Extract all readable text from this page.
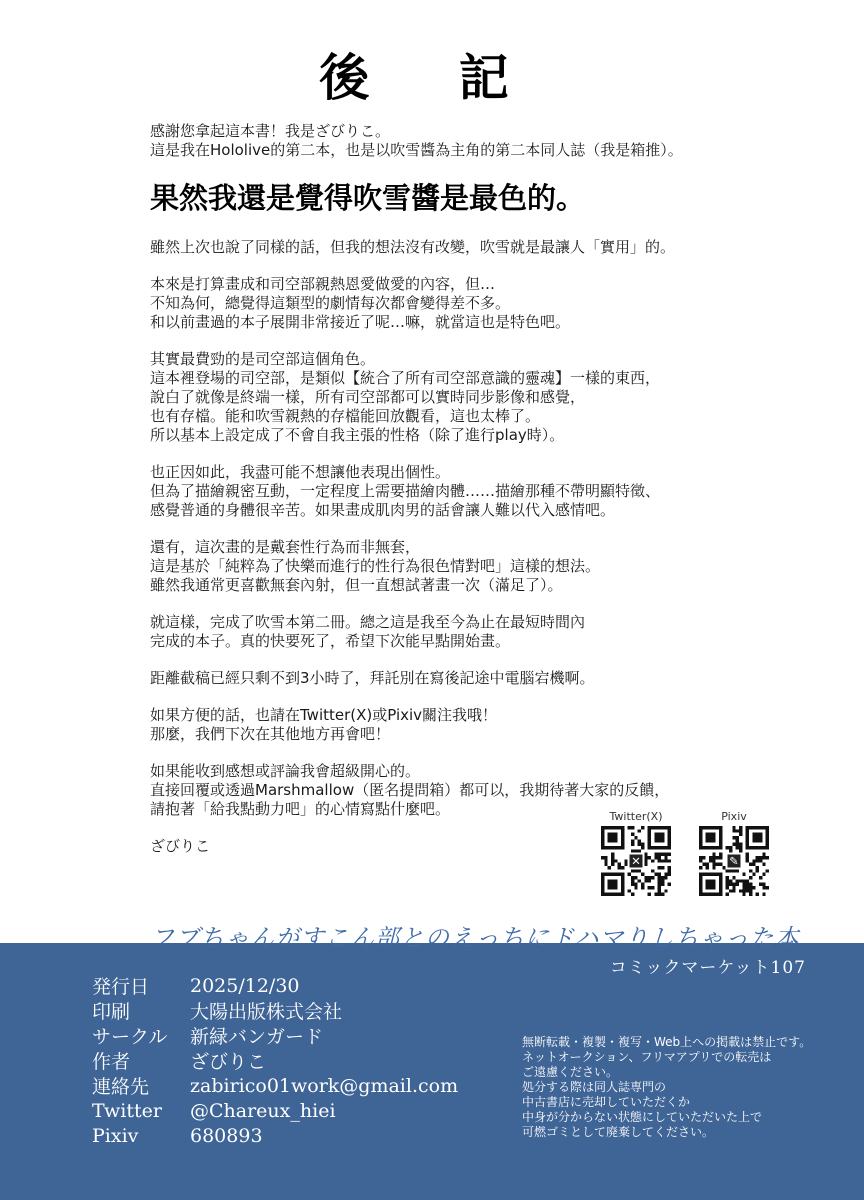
後 記
感謝您拿起這本書！我是ざびりこ。
這是我在Hololive的第二本，也是以吹雪醬為主角的第二本同人誌（我是箱推）。
果然我還是覺得吹雪醬是最色的。
雖然上次也說了同樣的話，但我的想法沒有改變，吹雪就是最讓人「實用」的。
本來是打算畫成和司空部親熱恩愛做愛的內容，但…
不知為何，總覺得這類型的劇情每次都會變得差不多。
和以前畫過的本子展開非常接近了呢…嘛，就當這也是特色吧。
其實最費勁的是司空部這個角色。
這本裡登場的司空部，是類似【統合了所有司空部意識的靈魂】一樣的東西，
說白了就像是終端一樣，所有司空部都可以實時同步影像和感覺，
也有存檔。能和吹雪親熱的存檔能回放觀看，這也太棒了。
所以基本上設定成了不會自我主張的性格（除了進行play時）。
也正因如此，我盡可能不想讓他表現出個性。
但為了描繪親密互動，一定程度上需要描繪肉體……描繪那種不帶明顯特徵、
感覺普通的身體很辛苦。如果畫成肌肉男的話會讓人難以代入感情吧。
還有，這次畫的是戴套性行為而非無套，
這是基於「純粹為了快樂而進行的性行為很色情對吧」這樣的想法。
雖然我通常更喜歡無套內射，但一直想試著畫一次（滿足了）。
就這樣，完成了吹雪本第二冊。總之這是我至今為止在最短時間內
完成的本子。真的快要死了，希望下次能早點開始畫。
距離截稿已經只剩不到3小時了，拜託別在寫後記途中電腦宕機啊。
如果方便的話，也請在Twitter(X)或Pixiv關注我哦！
那麼，我們下次在其他地方再會吧！
如果能收到感想或評論我會超級開心的。
直接回覆或透過Marshmallow（匿名提問箱）都可以，我期待著大家的反饋，
請抱著「給我點動力吧」的心情寫點什麼吧。
ざびりこ
Twitter(X)
✕
Pixiv
✎
フブちゃんがすこん部とのえっちにドハマりしちゃった本
コミックマーケット107
発行日	2025/12/30
印刷	大陽出版株式会社
サークル	新緑バンガード
作者	ざびりこ
連絡先	zabirico01work@gmail.com
Twitter	@Chareux_hiei
Pixiv	680893
無断転載・複製・複写・Web上への掲載は禁止です。
ネットオークション、フリマアプリでの転売は
ご遠慮ください。
処分する際は同人誌専門の
中古書店に売却していただくか
中身が分からない状態にしていただいた上で
可燃ゴミとして廃棄してください。
